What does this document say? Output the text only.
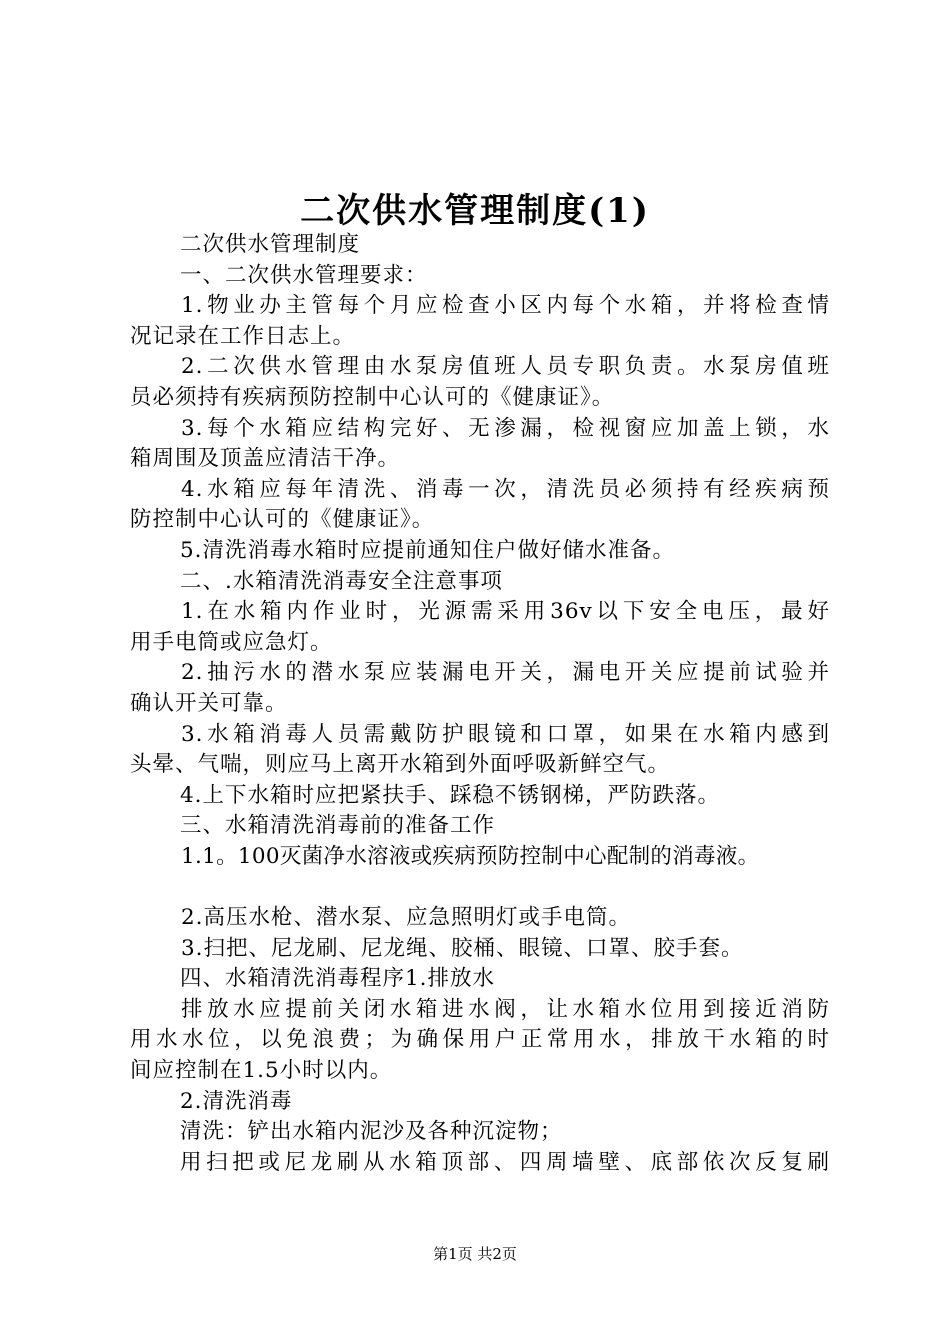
二次供水管理制度(1)
二次供水管理制度
一、二次供水管理要求：
1.物业办主管每个月应检查小区内每个水箱，并将检查情
况记录在工作日志上。
2.二次供水管理由水泵房值班人员专职负责。水泵房值班
员必须持有疾病预防控制中心认可的《健康证》。
3.每个水箱应结构完好、无渗漏，检视窗应加盖上锁，水
箱周围及顶盖应清洁干净。
4.水箱应每年清洗、消毒一次，清洗员必须持有经疾病预
防控制中心认可的《健康证》。
5.清洗消毒水箱时应提前通知住户做好储水准备。
二、.水箱清洗消毒安全注意事项
1.在水箱内作业时，光源需采用36v以下安全电压，最好
用手电筒或应急灯。
2.抽污水的潜水泵应装漏电开关，漏电开关应提前试验并
确认开关可靠。
3.水箱消毒人员需戴防护眼镜和口罩，如果在水箱内感到
头晕、气喘，则应马上离开水箱到外面呼吸新鲜空气。
4.上下水箱时应把紧扶手、踩稳不锈钢梯，严防跌落。
三、水箱清洗消毒前的准备工作
1.1。100灭菌净水溶液或疾病预防控制中心配制的消毒液。
2.高压水枪、潜水泵、应急照明灯或手电筒。
3.扫把、尼龙刷、尼龙绳、胶桶、眼镜、口罩、胶手套。
四、水箱清洗消毒程序1.排放水
排放水应提前关闭水箱进水阀，让水箱水位用到接近消防
用水水位，以免浪费；为确保用户正常用水，排放干水箱的时
间应控制在1.5小时以内。
2.清洗消毒
清洗：铲出水箱内泥沙及各种沉淀物；
用扫把或尼龙刷从水箱顶部、四周墙壁、底部依次反复刷
第1页 共2页
